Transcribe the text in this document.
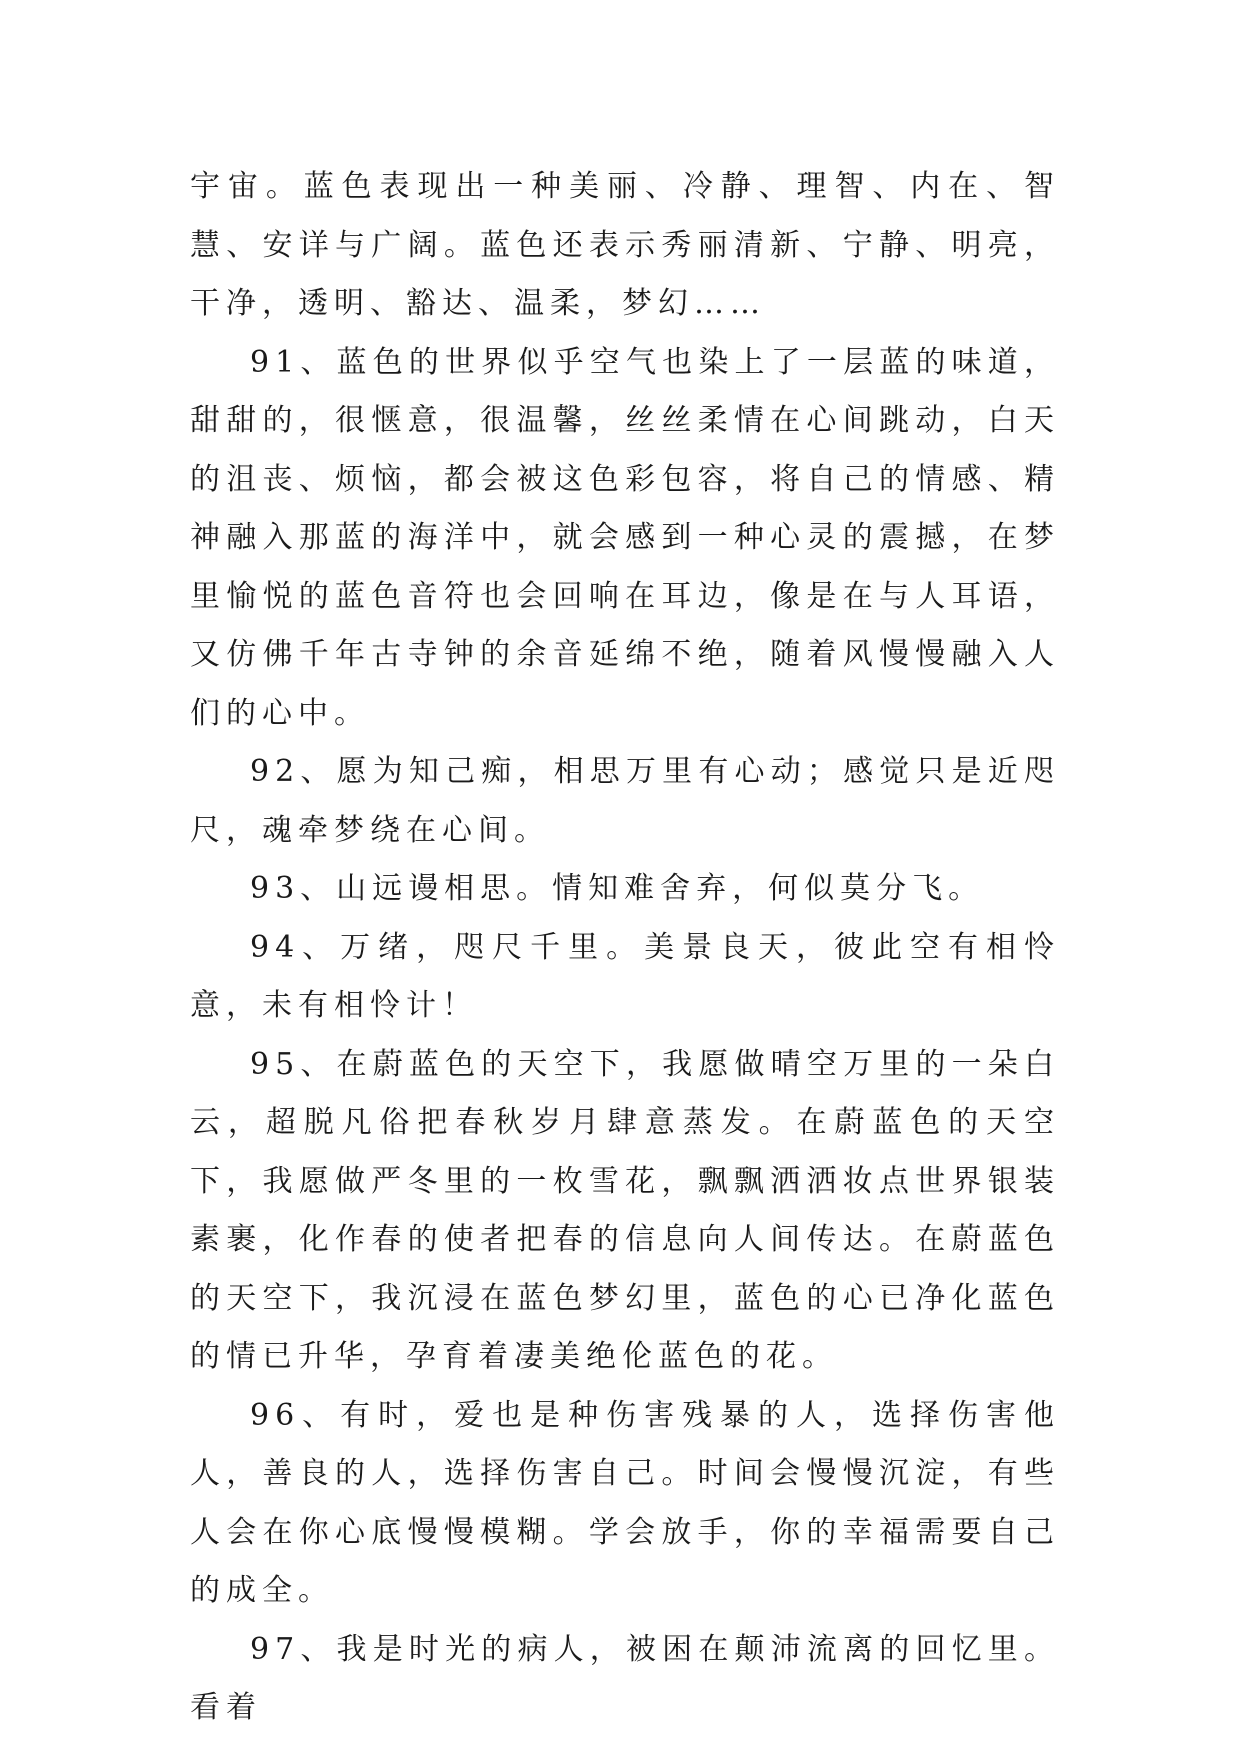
宇宙。蓝色表现出一种美丽、冷静、理智、内在、智慧、安详与广阔。蓝色还表示秀丽清新、宁静、明亮，干净，透明、豁达、温柔，梦幻……

91、蓝色的世界似乎空气也染上了一层蓝的味道，甜甜的，很惬意，很温馨，丝丝柔情在心间跳动，白天的沮丧、烦恼，都会被这色彩包容，将自己的情感、精神融入那蓝的海洋中，就会感到一种心灵的震撼，在梦里愉悦的蓝色音符也会回响在耳边，像是在与人耳语，又仿佛千年古寺钟的余音延绵不绝，随着风慢慢融入人们的心中。

92、愿为知己痴，相思万里有心动；感觉只是近咫尺，魂牵梦绕在心间。

93、山远谩相思。情知难舍弃，何似莫分飞。

94、万绪，咫尺千里。美景良天，彼此空有相怜意，未有相怜计！

95、在蔚蓝色的天空下，我愿做晴空万里的一朵白云，超脱凡俗把春秋岁月肆意蒸发。在蔚蓝色的天空下，我愿做严冬里的一枚雪花，飘飘洒洒妆点世界银装素裹，化作春的使者把春的信息向人间传达。在蔚蓝色的天空下，我沉浸在蓝色梦幻里，蓝色的心已净化蓝色的情已升华，孕育着凄美绝伦蓝色的花。

96、有时，爱也是种伤害残暴的人，选择伤害他人，善良的人，选择伤害自己。时间会慢慢沉淀，有些人会在你心底慢慢模糊。学会放手，你的幸福需要自己的成全。

97、我是时光的病人，被困在颠沛流离的回忆里。看着
